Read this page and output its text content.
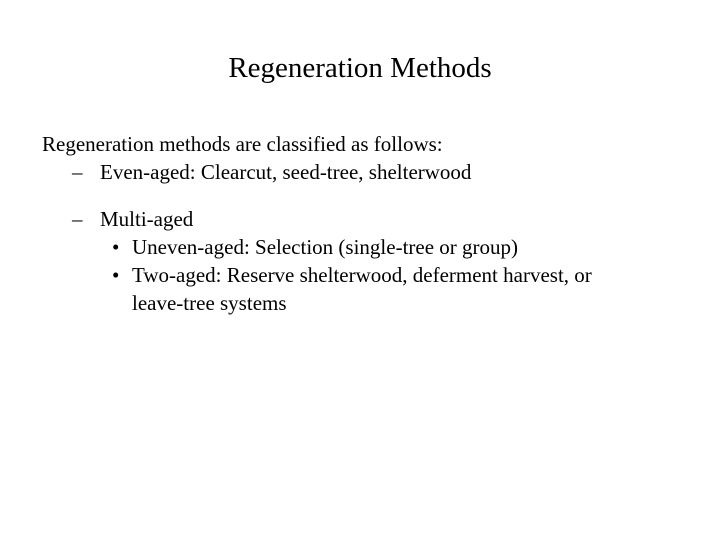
Regeneration Methods

Regeneration methods are classified as follows:

– Even-aged: Clearcut, seed-tree, shelterwood

– Multi-aged

• Uneven-aged: Selection (single-tree or group)

• Two-aged: Reserve shelterwood, deferment harvest, or
leave-tree systems
